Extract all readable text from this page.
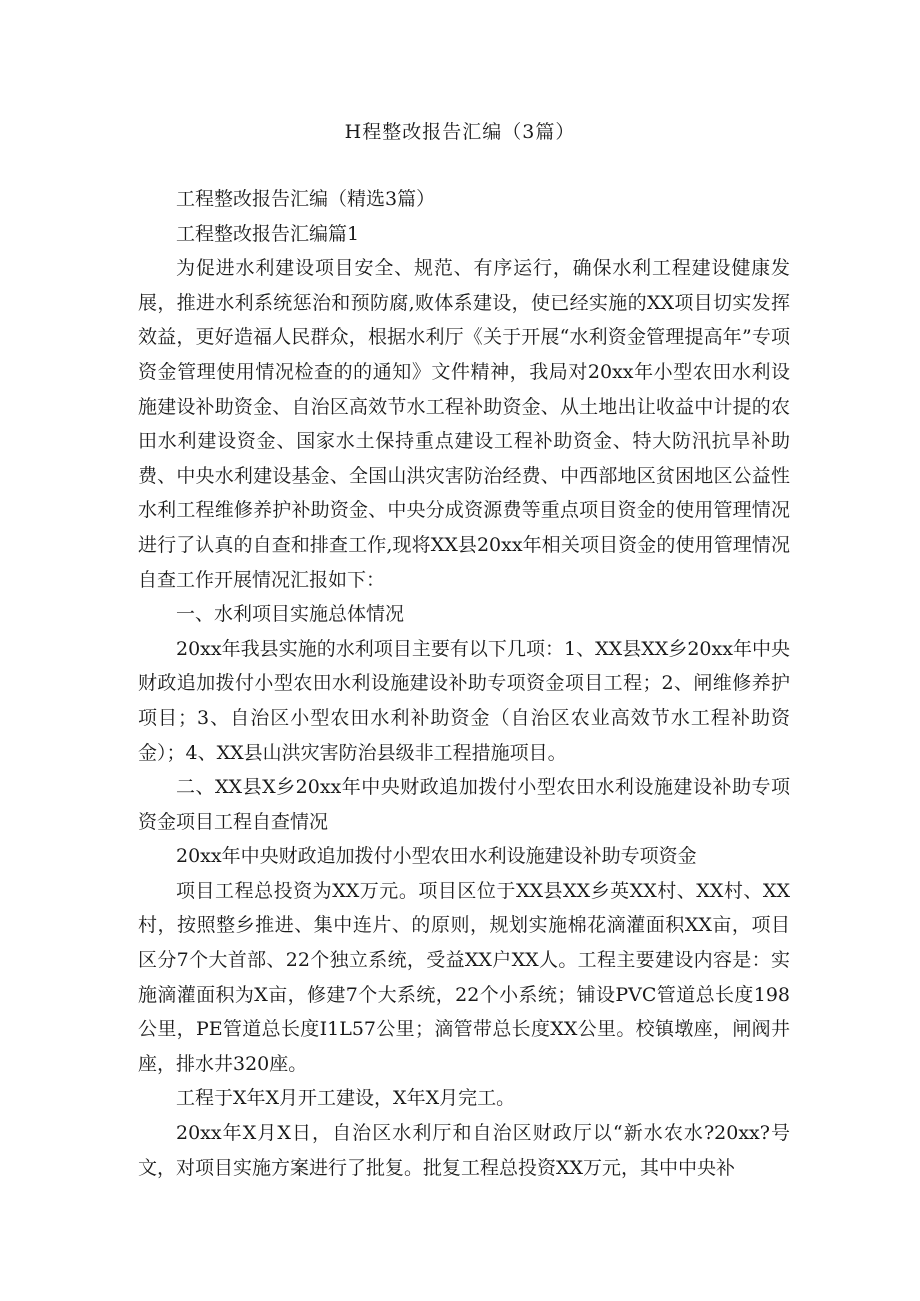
H程整改报告汇编（3篇）

工程整改报告汇编（精选3篇）

工程整改报告汇编篇1

为促进水利建设项目安全、规范、有序运行，确保水利工程建设健康发展，推进水利系统惩治和预防腐,败体系建设，使已经实施的XX项目切实发挥效益，更好造福人民群众，根据水利厅《关于开展“水利资金管理提高年”专项资金管理使用情况检查的的通知》文件精神，我局对20xx年小型农田水利设施建设补助资金、自治区高效节水工程补助资金、从土地出让收益中计提的农田水利建设资金、国家水土保持重点建设工程补助资金、特大防汛抗旱补助费、中央水利建设基金、全国山洪灾害防治经费、中西部地区贫困地区公益性水利工程维修养护补助资金、中央分成资源费等重点项目资金的使用管理情况进行了认真的自查和排查工作,现将XX县20xx年相关项目资金的使用管理情况自查工作开展情况汇报如下：

一、水利项目实施总体情况

20xx年我县实施的水利项目主要有以下几项：1、XX县XX乡20xx年中央财政追加拨付小型农田水利设施建设补助专项资金项目工程；2、闸维修养护项目；3、自治区小型农田水利补助资金（自治区农业高效节水工程补助资金）；4、XX县山洪灾害防治县级非工程措施项目。

二、XX县X乡20xx年中央财政追加拨付小型农田水利设施建设补助专项资金项目工程自查情况

20xx年中央财政追加拨付小型农田水利设施建设补助专项资金

项目工程总投资为XX万元。项目区位于XX县XX乡英XX村、XX村、XX村，按照整乡推进、集中连片、的原则，规划实施棉花滴灌面积XX亩，项目区分7个大首部、22个独立系统，受益XX户XX人。工程主要建设内容是：实施滴灌面积为X亩，修建7个大系统，22个小系统；铺设PVC管道总长度198公里，PE管道总长度I1L57公里；滴管带总长度XX公里。校镇墩座，闸阀井座，排水井320座。

工程于X年X月开工建设，X年X月完工。

20xx年X月X日，自治区水利厅和自治区财政厅以“新水农水?20xx?号文，对项目实施方案进行了批复。批复工程总投资XX万元，其中中央补
